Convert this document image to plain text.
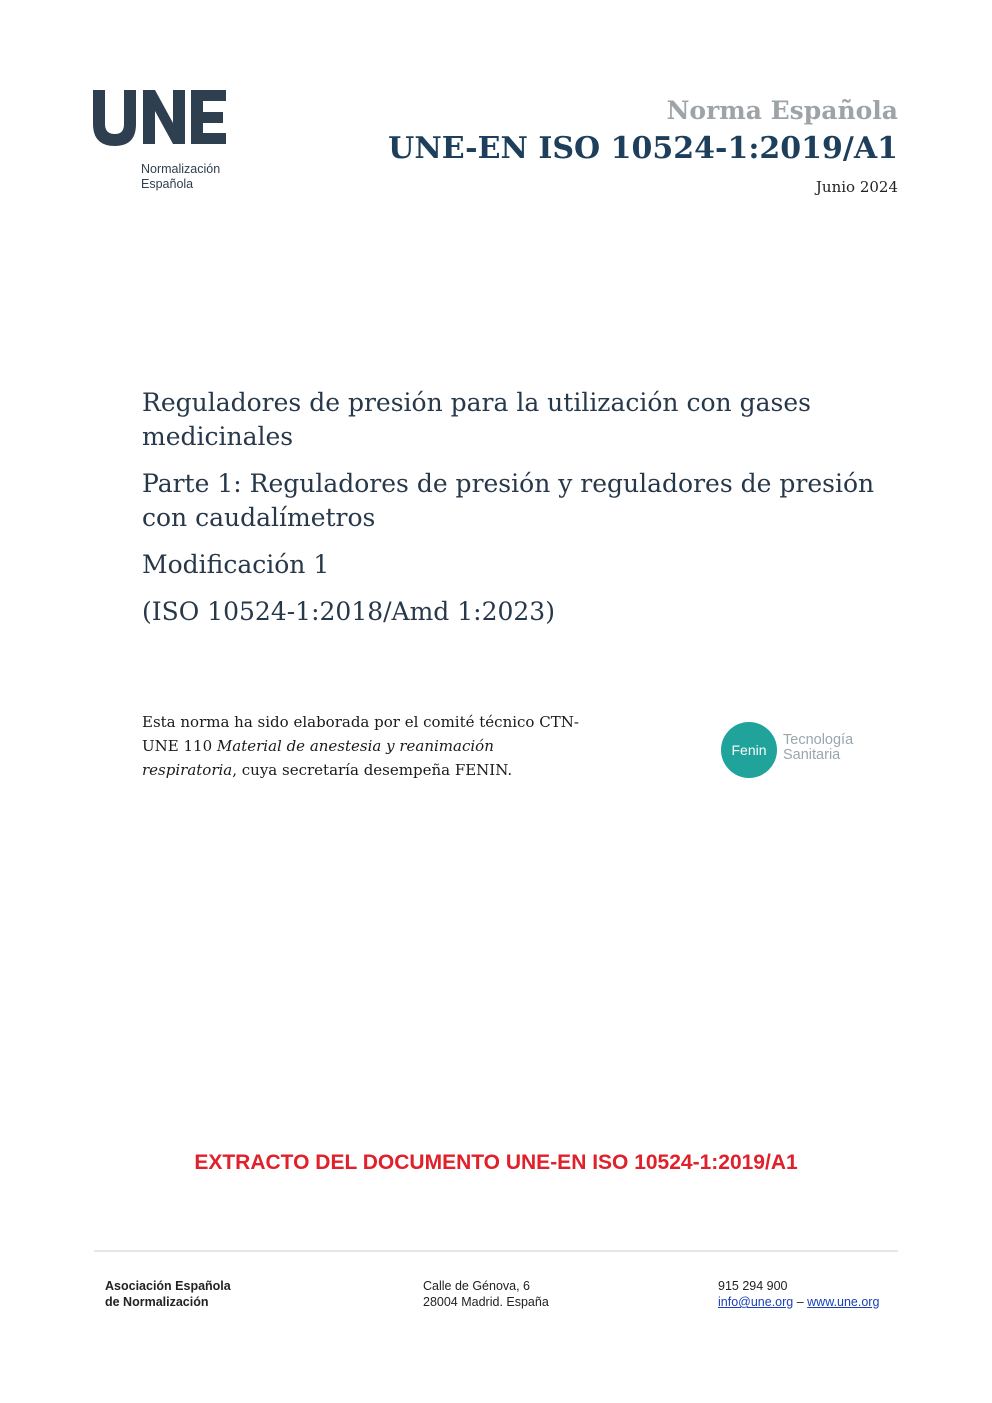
Normalización
Española
Norma Española
UNE-EN ISO 10524-1:2019/A1
Junio 2024

Reguladores de presión para la utilización con gases medicinales

Parte 1: Reguladores de presión y reguladores de presión con caudalímetros

Modificación 1

(ISO 10524-1:2018/Amd 1:2023)

Esta norma ha sido elaborada por el comité técnico CTN-UNE 110 Material de anestesia y reanimación respiratoria, cuya secretaría desempeña FENIN.

Fenin
Tecnología
Sanitaria
EXTRACTO DEL DOCUMENTO UNE-EN ISO 10524-1:2019/A1
Asociación Española
de Normalización
Calle de Génova, 6
28004 Madrid. España
915 294 900
info@une.org – www.une.org
